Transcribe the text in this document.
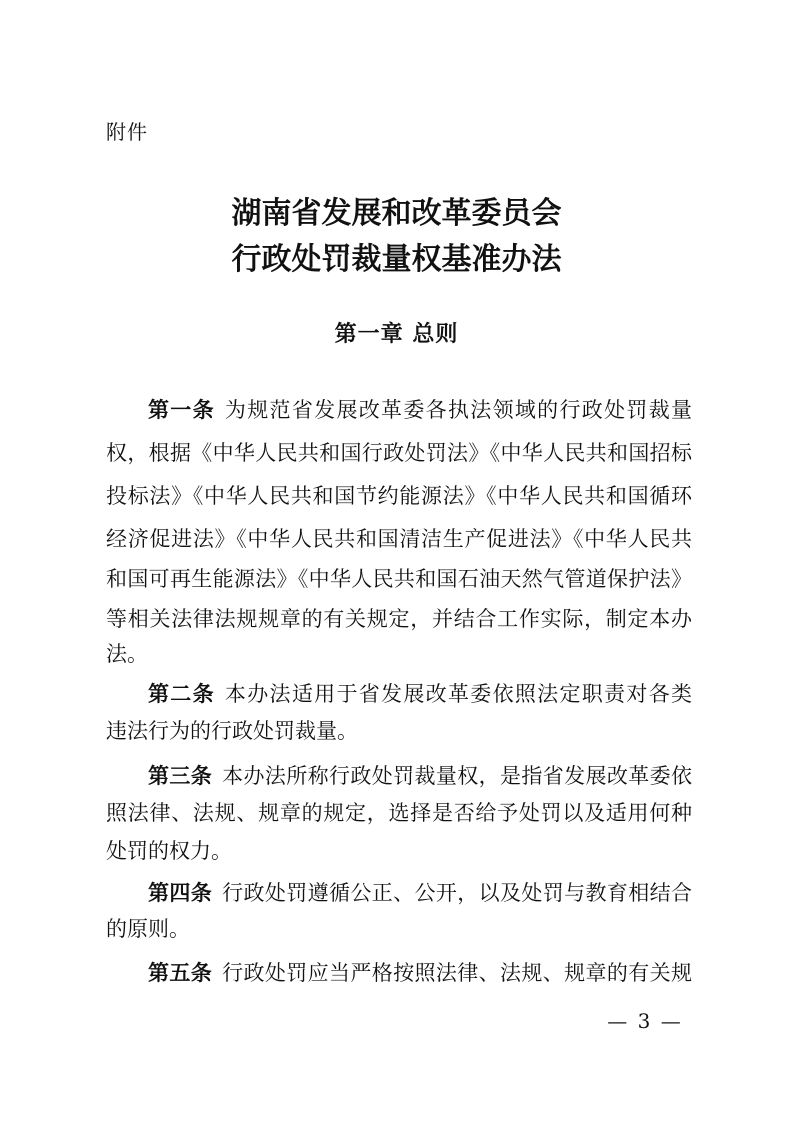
附件
湖南省发展和改革委员会
行政处罚裁量权基准办法
第一章 总则
第一条 为规范省发展改革委各执法领域的行政处罚裁量
权，根据《中华人民共和国行政处罚法》《中华人民共和国招标
投标法》《中华人民共和国节约能源法》《中华人民共和国循环
经济促进法》《中华人民共和国清洁生产促进法》《中华人民共
和国可再生能源法》《中华人民共和国石油天然气管道保护法》
等相关法律法规规章的有关规定，并结合工作实际，制定本办
法。
第二条 本办法适用于省发展改革委依照法定职责对各类
违法行为的行政处罚裁量。
第三条 本办法所称行政处罚裁量权，是指省发展改革委依
照法律、法规、规章的规定，选择是否给予处罚以及适用何种
处罚的权力。
第四条 行政处罚遵循公正、公开，以及处罚与教育相结合
的原则。
第五条 行政处罚应当严格按照法律、法规、规章的有关规
— 3 —
